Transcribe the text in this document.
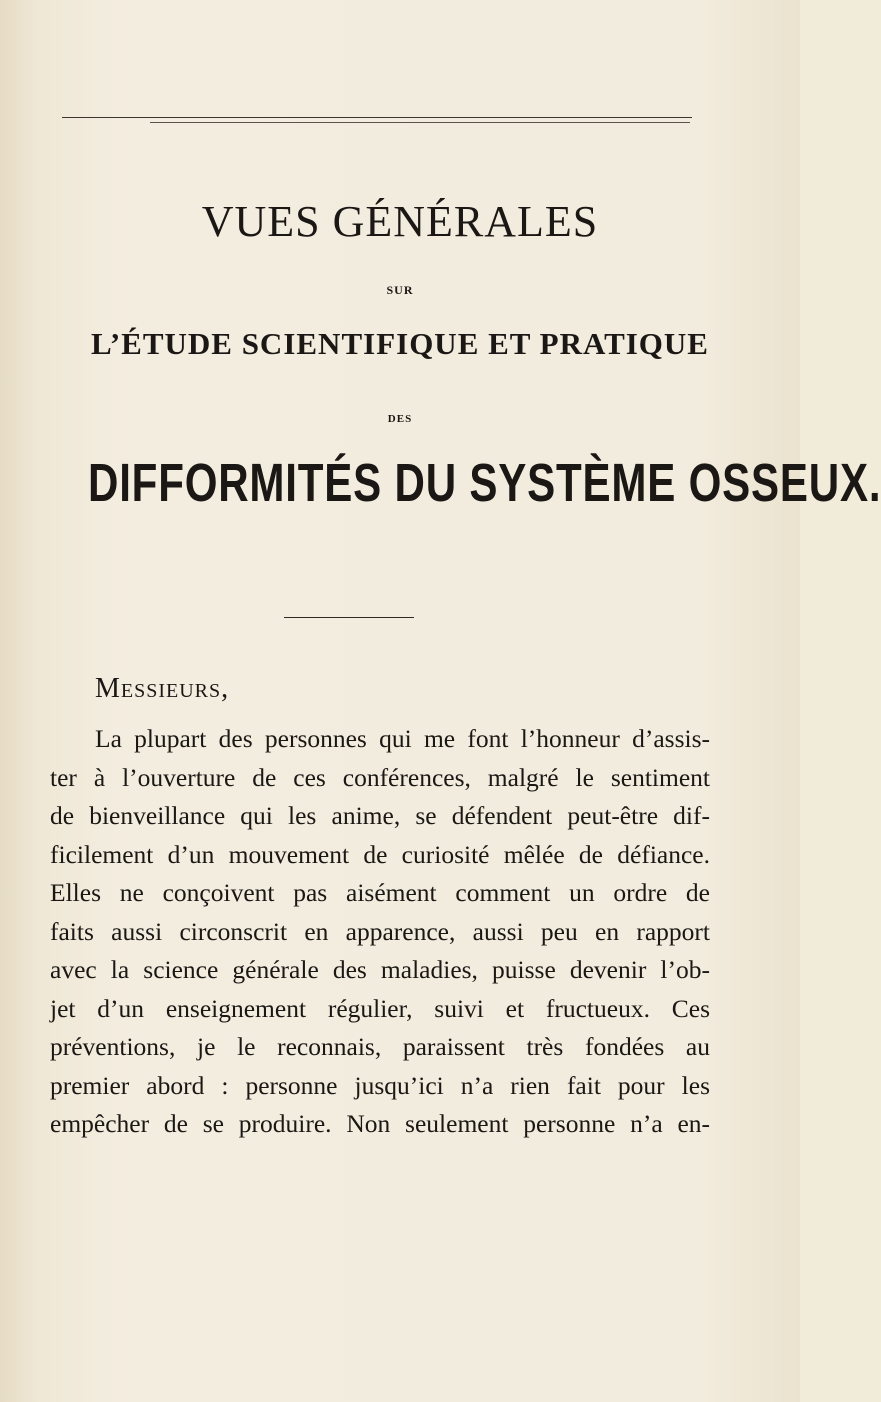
VUES GÉNÉRALES
SUR
L’ÉTUDE SCIENTIFIQUE ET PRATIQUE
DES
DIFFORMITÉS DU SYSTÈME OSSEUX.
Messieurs,
La plupart des personnes qui me font l’honneur d’assis-
ter à l’ouverture de ces conférences, malgré le sentiment
de bienveillance qui les anime, se défendent peut-être dif-
ficilement d’un mouvement de curiosité mêlée de défiance.
Elles ne conçoivent pas aisément comment un ordre de
faits aussi circonscrit en apparence, aussi peu en rapport
avec la science générale des maladies, puisse devenir l’ob-
jet d’un enseignement régulier, suivi et fructueux. Ces
préventions, je le reconnais, paraissent très fondées au
premier abord : personne jusqu’ici n’a rien fait pour les
empêcher de se produire. Non seulement personne n’a en-
